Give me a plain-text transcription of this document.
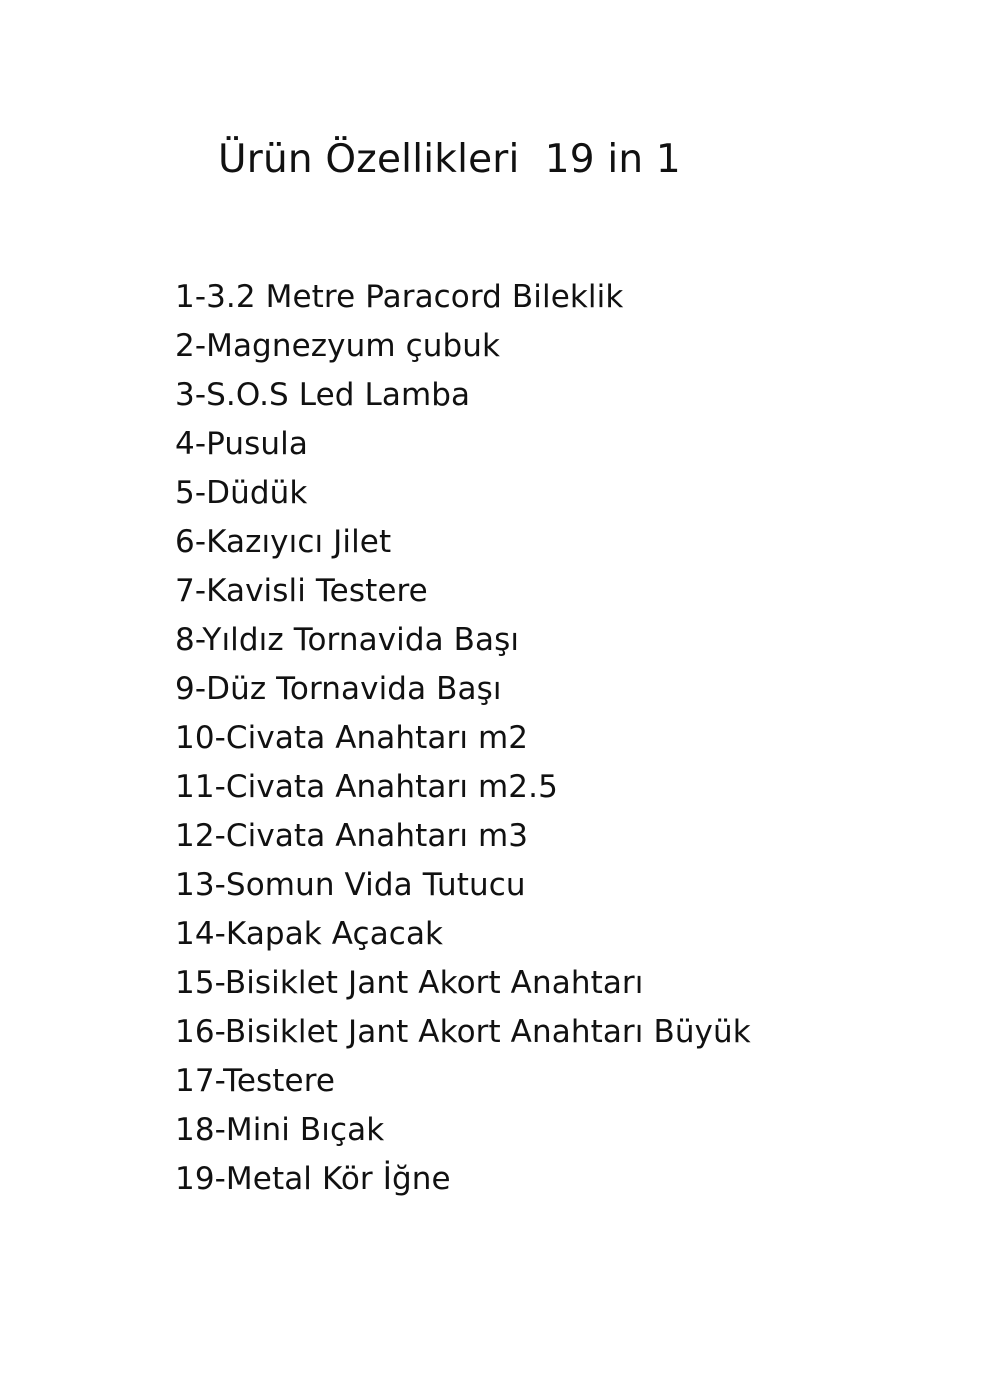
Ürün Özellikleri  19 in 1
1-3.2 Metre Paracord Bileklik
2-Magnezyum çubuk
3-S.O.S Led Lamba
4-Pusula
5-Düdük
6-Kazıyıcı Jilet
7-Kavisli Testere
8-Yıldız Tornavida Başı
9-Düz Tornavida Başı
10-Civata Anahtarı m2
11-Civata Anahtarı m2.5
12-Civata Anahtarı m3
13-Somun Vida Tutucu
14-Kapak Açacak
15-Bisiklet Jant Akort Anahtarı
16-Bisiklet Jant Akort Anahtarı Büyük
17-Testere
18-Mini Bıçak
19-Metal Kör İğne
